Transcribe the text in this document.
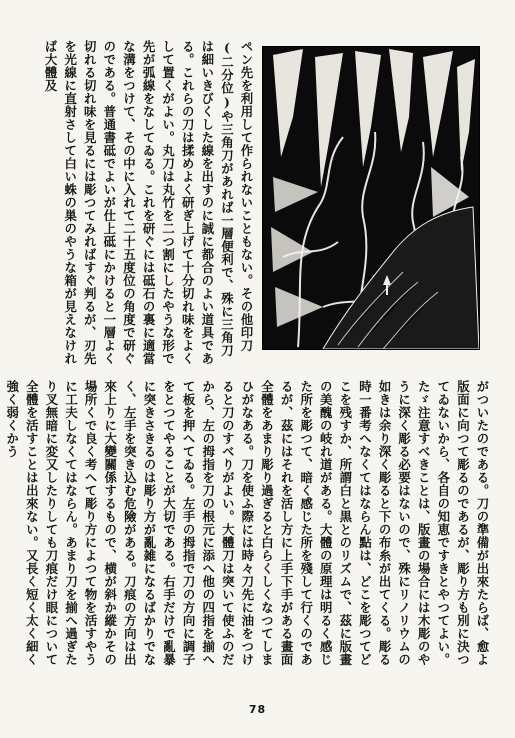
ペン先を利用して作られないこともない。その他印刀(二分位)や三角刀があれば一層便利で、殊に三角刀は細いきびくした線を出すのに誠に都合のよい道具である。これらの刀は揉めよく研ぎ上げて十分切れ味をよくして置くがよい。丸刀は丸竹を二つ割にしたやうな形で先が弧線をなしてゐる。これを研ぐには砥石の裏に適當な溝をつけて、その中に入れて二十五度位の角度で研ぐのである。普通書砥でよいが仕上砥にかけると一層よく切れる切れ味を見るには彫つてみればすぐ判るが、刃先を光線に直射さして白い蛛の巣のやうな箱が見えなければ大體及
がついたのである。刀の準備が出來たらば、愈よ版面に向つて彫るのであるが、彫り方も別に決つてゐないから、各自の知恵ですきとやつてよい。たゞ注意すべきことは、版畫の場合には木彫のやうに深く彫る必要はないので、殊にリノリウムの如きは余り深く彫ると下の布糸が出てくる。彫る時一番考へなくてはならん點は、どこを彫つてどこを残すか、所謂白と黒とのリズムで、茲に版畫の美醜の岐れ道がある。大體の原理は明るく感じた所を彫つて、暗く感じた所を殘して行くのであるが、茲にはそれを活し方に上手下手がある畫面全體をあまり彫り過ぎると白らくしくなつてしまひがなある。刀を使ふ際には時々刀先に油をつけると刀のすべりがよい。大體刀は突いて使ふのだから、左の拇指を刀の根元に添へ他の四指を揃へて板を押へてゐる。左手の拇指で刀の方向に調子をとつてやることが大切である。右手だけで亂暴に突きさきるのは彫り方が亂雑になるばかりでなく、左手を突き込む危險がある。刀痕の方向は出來上りに大變關係するもので、横が斜か縱かその場所くで良く考へて彫り方によつて物を活すやうに工夫しなくてはならん。あまり刀を揃へ過ぎたり叉無暗に変又したりしても刀痕だけ眼について全體を活すことは出來ない。又長く短く太く細く強く弱くかう
78
